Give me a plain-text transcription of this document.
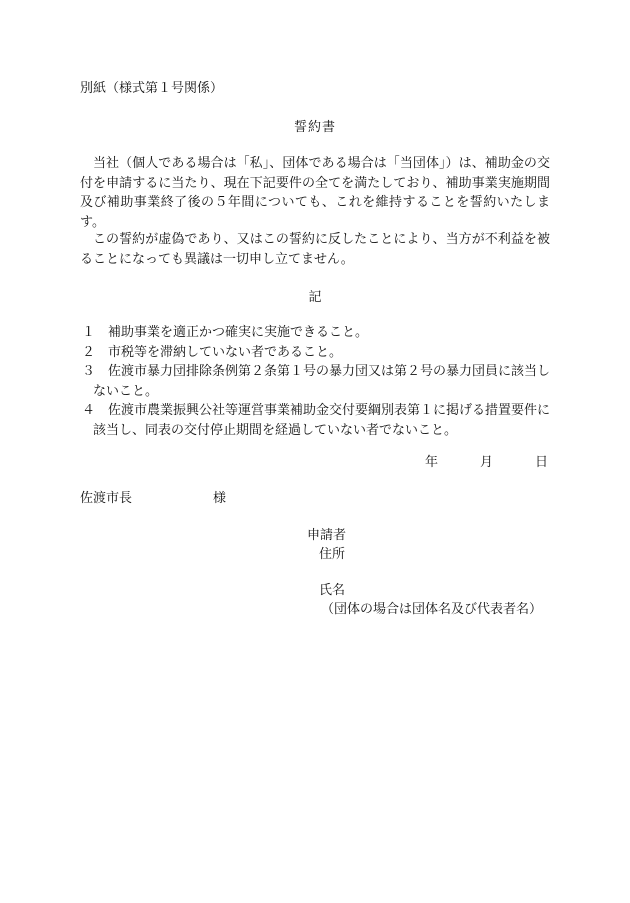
別紙（様式第１号関係）
誓約書
当社（個人である場合は「私」、団体である場合は「当団体」）は、補助金の交付を申請するに当たり、現在下記要件の全てを満たしており、補助事業実施期間及び補助事業終了後の５年間についても、これを維持することを誓約いたします。
この誓約が虚偽であり、又はこの誓約に反したことにより、当方が不利益を被ることになっても異議は一切申し立てません。
記
１ 補助事業を適正かつ確実に実施できること。
２ 市税等を滞納していない者であること。
３ 佐渡市暴力団排除条例第２条第１号の暴力団又は第２号の暴力団員に該当しないこと。
４ 佐渡市農業振興公社等運営事業補助金交付要綱別表第１に掲げる措置要件に該当し、同表の交付停止期間を経過していない者でないこと。
年	月	日
佐渡市長	様
申請者
住所
氏名
（団体の場合は団体名及び代表者名）
